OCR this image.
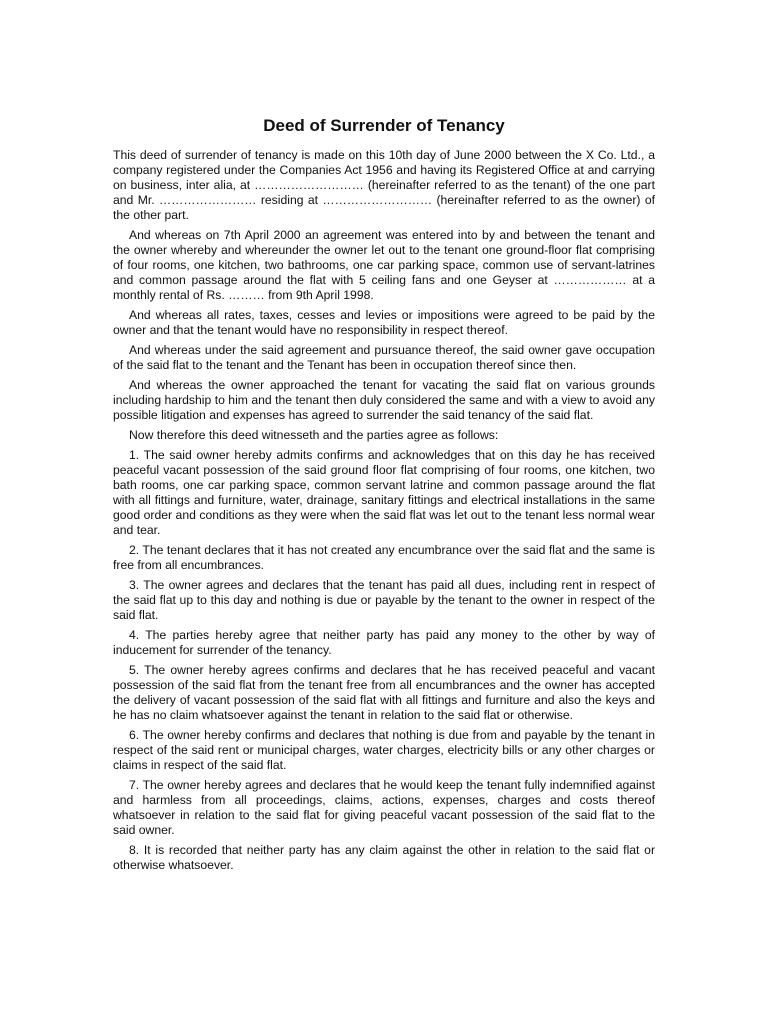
Deed of Surrender of Tenancy

This deed of surrender of tenancy is made on this 10th day of June 2000 between the X Co. Ltd., a company registered under the Companies Act 1956 and having its Registered Office at and carrying on business, inter alia, at ……………………… (hereinafter referred to as the tenant) of the one part and Mr. …………………… residing at ……………………… (hereinafter referred to as the owner) of the other part.

And whereas on 7th April 2000 an agreement was entered into by and between the tenant and the owner whereby and whereunder the owner let out to the tenant one ground-floor flat comprising of four rooms, one kitchen, two bathrooms, one car parking space, common use of servant-latrines and common passage around the flat with 5 ceiling fans and one Geyser at ……………… at a monthly rental of Rs. ……… from 9th April 1998.

And whereas all rates, taxes, cesses and levies or impositions were agreed to be paid by the owner and that the tenant would have no responsibility in respect thereof.

And whereas under the said agreement and pursuance thereof, the said owner gave occupation of the said flat to the tenant and the Tenant has been in occupation thereof since then.

And whereas the owner approached the tenant for vacating the said flat on various grounds including hardship to him and the tenant then duly considered the same and with a view to avoid any possible litigation and expenses has agreed to surrender the said tenancy of the said flat.

Now therefore this deed witnesseth and the parties agree as follows:

1. The said owner hereby admits confirms and acknowledges that on this day he has received peaceful vacant possession of the said ground floor flat comprising of four rooms, one kitchen, two bath rooms, one car parking space, common servant latrine and common passage around the flat with all fittings and furniture, water, drainage, sanitary fittings and electrical installations in the same good order and conditions as they were when the said flat was let out to the tenant less normal wear and tear.

2. The tenant declares that it has not created any encumbrance over the said flat and the same is free from all encumbrances.

3. The owner agrees and declares that the tenant has paid all dues, including rent in respect of the said flat up to this day and nothing is due or payable by the tenant to the owner in respect of the said flat.

4. The parties hereby agree that neither party has paid any money to the other by way of inducement for surrender of the tenancy.

5. The owner hereby agrees confirms and declares that he has received peaceful and vacant possession of the said flat from the tenant free from all encumbrances and the owner has accepted the delivery of vacant possession of the said flat with all fittings and furniture and also the keys and he has no claim whatsoever against the tenant in relation to the said flat or otherwise.

6. The owner hereby confirms and declares that nothing is due from and payable by the tenant in respect of the said rent or municipal charges, water charges, electricity bills or any other charges or claims in respect of the said flat.

7. The owner hereby agrees and declares that he would keep the tenant fully indemnified against and harmless from all proceedings, claims, actions, expenses, charges and costs thereof whatsoever in relation to the said flat for giving peaceful vacant possession of the said flat to the said owner.

8. It is recorded that neither party has any claim against the other in relation to the said flat or otherwise whatsoever.
